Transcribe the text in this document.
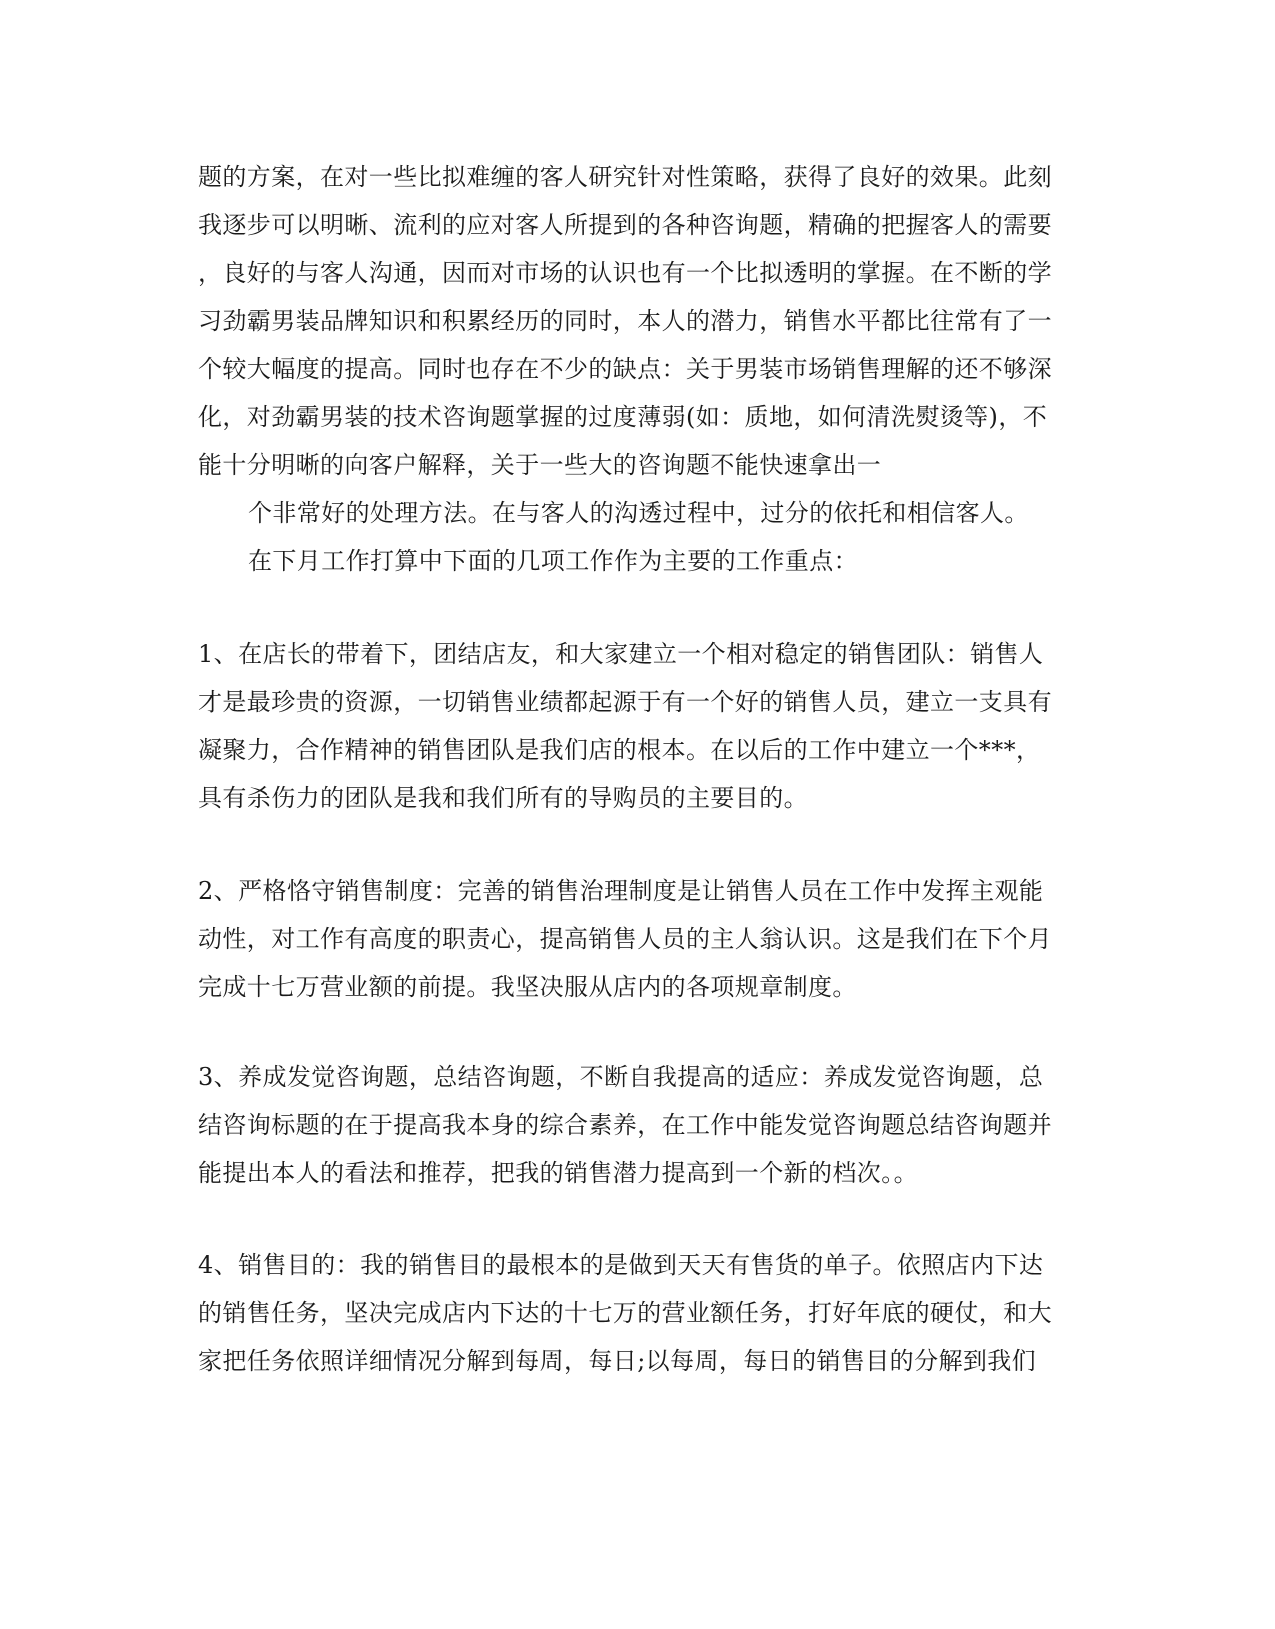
题的方案，在对一些比拟难缠的客人研究针对性策略，获得了良好的效果。此刻
我逐步可以明晰、流利的应对客人所提到的各种咨询题，精确的把握客人的需要
，良好的与客人沟通，因而对市场的认识也有一个比拟透明的掌握。在不断的学
习劲霸男装品牌知识和积累经历的同时，本人的潜力，销售水平都比往常有了一
个较大幅度的提高。同时也存在不少的缺点：关于男装市场销售理解的还不够深
化，对劲霸男装的技术咨询题掌握的过度薄弱(如：质地，如何清洗熨烫等)，不
能十分明晰的向客户解释，关于一些大的咨询题不能快速拿出一
个非常好的处理方法。在与客人的沟透过程中，过分的依托和相信客人。
在下月工作打算中下面的几项工作作为主要的工作重点：
1、在店长的带着下，团结店友，和大家建立一个相对稳定的销售团队：销售人
才是最珍贵的资源，一切销售业绩都起源于有一个好的销售人员，建立一支具有
凝聚力，合作精神的销售团队是我们店的根本。在以后的工作中建立一个***，
具有杀伤力的团队是我和我们所有的导购员的主要目的。
2、严格恪守销售制度：完善的销售治理制度是让销售人员在工作中发挥主观能
动性，对工作有高度的职责心，提高销售人员的主人翁认识。这是我们在下个月
完成十七万营业额的前提。我坚决服从店内的各项规章制度。
3、养成发觉咨询题，总结咨询题，不断自我提高的适应：养成发觉咨询题，总
结咨询标题的在于提高我本身的综合素养，在工作中能发觉咨询题总结咨询题并
能提出本人的看法和推荐，把我的销售潜力提高到一个新的档次。。
4、销售目的：我的销售目的最根本的是做到天天有售货的单子。依照店内下达
的销售任务，坚决完成店内下达的十七万的营业额任务，打好年底的硬仗，和大
家把任务依照详细情况分解到每周，每日;以每周，每日的销售目的分解到我们
